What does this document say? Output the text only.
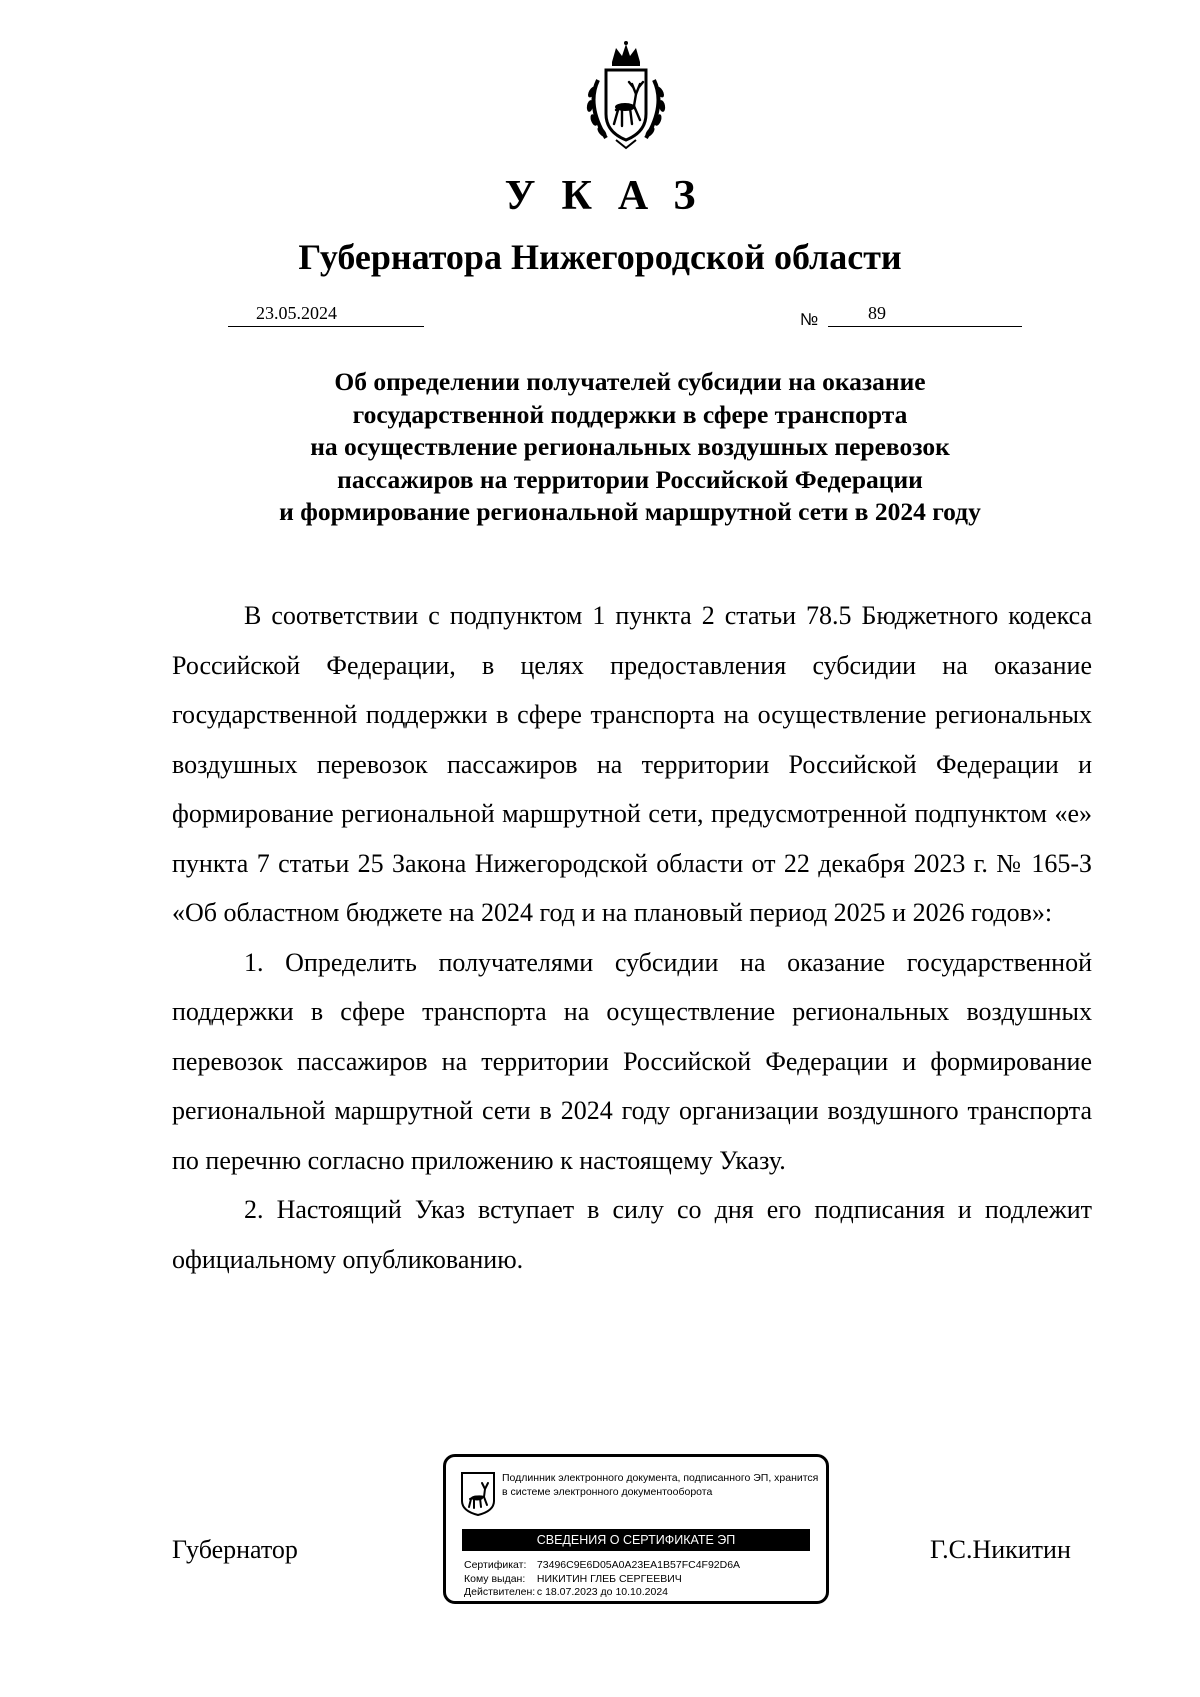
УКАЗ
Губернатора Нижегородской области
23.05.2024	№	89
Об определении получателей субсидии на оказание
государственной поддержки в сфере транспорта
на осуществление региональных воздушных перевозок
пассажиров на территории Российской Федерации
и формирование региональной маршрутной сети в 2024 году

В соответствии с подпунктом 1 пункта 2 статьи 78.5 Бюджетного кодекса Российской Федерации, в целях предоставления субсидии на оказание государственной поддержки в сфере транспорта на осуществление региональных воздушных перевозок пассажиров на территории Российской Федерации и формирование региональной маршрутной сети, предусмотренной подпунктом «е» пункта 7 статьи 25 Закона Нижегородской области от 22 декабря 2023 г. № 165-З «Об областном бюджете на 2024 год и на плановый период 2025 и 2026 годов»:

1. Определить получателями субсидии на оказание государственной поддержки в сфере транспорта на осуществление региональных воздушных перевозок пассажиров на территории Российской Федерации и формирование региональной маршрутной сети в 2024 году организации воздушного транспорта по перечню согласно приложению к настоящему Указу.

2. Настоящий Указ вступает в силу со дня его подписания и подлежит официальному опубликованию.

Губернатор	Г.С.Никитин
Подлинник электронного документа, подписанного ЭП, хранится в системе электронного документооборота
СВЕДЕНИЯ О СЕРТИФИКАТЕ ЭП
Сертификат: 73496C9E6D05A0A23EA1B57FC4F92D6A
Кому выдан: НИКИТИН ГЛЕБ СЕРГЕЕВИЧ
Действителен: с 18.07.2023 до 10.10.2024
